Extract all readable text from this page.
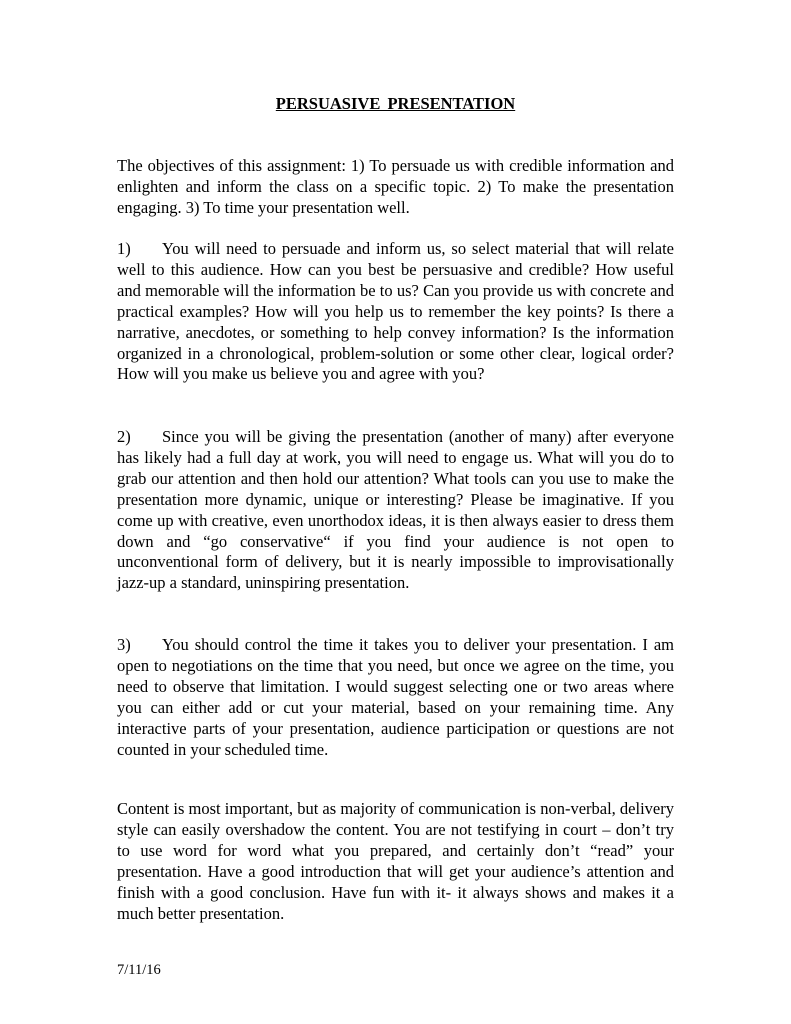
PERSUASIVE PRESENTATION

The objectives of this assignment: 1) To persuade us with credible information and enlighten and inform the class on a specific topic. 2) To make the presentation engaging. 3) To time your presentation well.

1) You will need to persuade and inform us, so select material that will relate well to this audience. How can you best be persuasive and credible? How useful and memorable will the information be to us? Can you provide us with concrete and practical examples? How will you help us to remember the key points? Is there a narrative, anecdotes, or something to help convey information? Is the information organized in a chronological, problem-solution or some other clear, logical order? How will you make us believe you and agree with you?

2) Since you will be giving the presentation (another of many) after everyone has likely had a full day at work, you will need to engage us. What will you do to grab our attention and then hold our attention? What tools can you use to make the presentation more dynamic, unique or interesting? Please be imaginative. If you come up with creative, even unorthodox ideas, it is then always easier to dress them down and “go conservative“ if you find your audience is not open to unconventional form of delivery, but it is nearly impossible to improvisationally jazz-up a standard, uninspiring presentation.

3) You should control the time it takes you to deliver your presentation. I am open to negotiations on the time that you need, but once we agree on the time, you need to observe that limitation. I would suggest selecting one or two areas where you can either add or cut your material, based on your remaining time. Any interactive parts of your presentation, audience participation or questions are not counted in your scheduled time.

Content is most important, but as majority of communication is non-verbal, delivery style can easily overshadow the content. You are not testifying in court – don’t try to use word for word what you prepared, and certainly don’t “read” your presentation. Have a good introduction that will get your audience’s attention and finish with a good conclusion. Have fun with it- it always shows and makes it a much better presentation.

7/11/16
